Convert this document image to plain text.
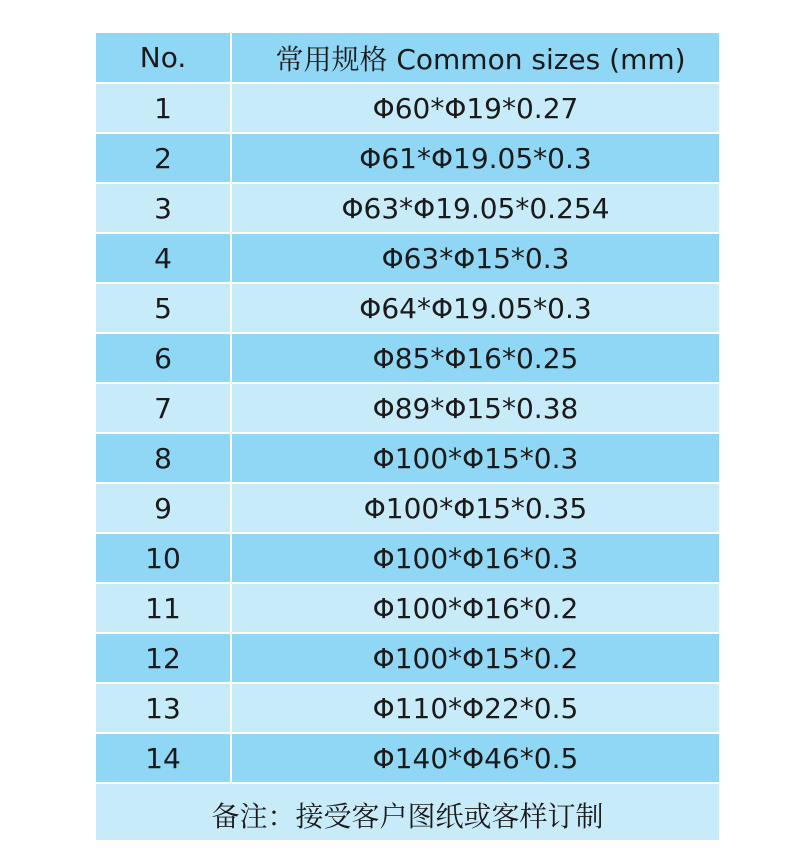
No.	常用规格 Common sizes (mm)
1	Φ60*Φ19*0.27
2	Φ61*Φ19.05*0.3
3	Φ63*Φ19.05*0.254
4	Φ63*Φ15*0.3
5	Φ64*Φ19.05*0.3
6	Φ85*Φ16*0.25
7	Φ89*Φ15*0.38
8	Φ100*Φ15*0.3
9	Φ100*Φ15*0.35
10	Φ100*Φ16*0.3
11	Φ100*Φ16*0.2
12	Φ100*Φ15*0.2
13	Φ110*Φ22*0.5
14	Φ140*Φ46*0.5
备注：接受客户图纸或客样订制
